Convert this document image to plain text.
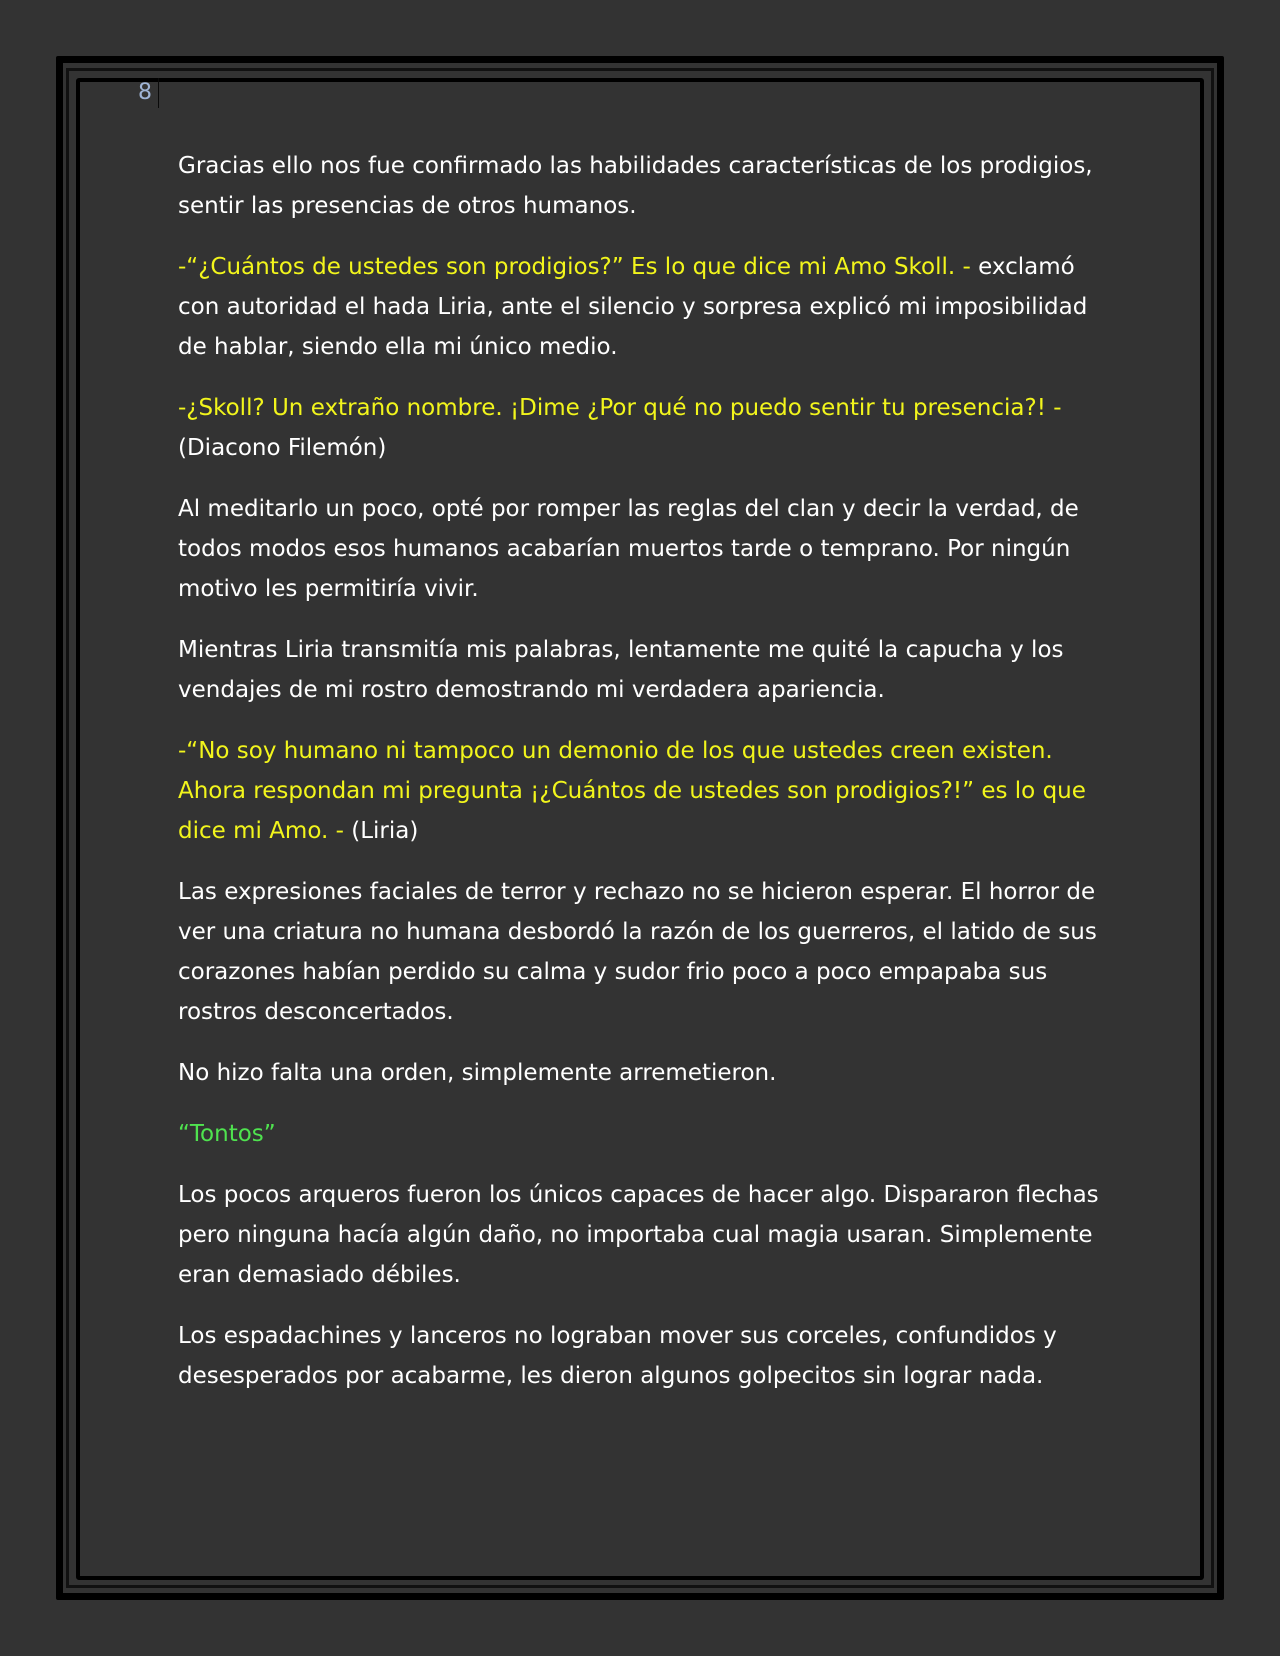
8

Gracias ello nos fue confirmado las habilidades características de los prodigios, sentir las presencias de otros humanos.

-“¿Cuántos de ustedes son prodigios?” Es lo que dice mi Amo Skoll. - exclamó con autoridad el hada Liria, ante el silencio y sorpresa explicó mi imposibilidad de hablar, siendo ella mi único medio.

-¿Skoll? Un extraño nombre. ¡Dime ¿Por qué no puedo sentir tu presencia?! - (Diacono Filemón)

Al meditarlo un poco, opté por romper las reglas del clan y decir la verdad, de todos modos esos humanos acabarían muertos tarde o temprano. Por ningún motivo les permitiría vivir.

Mientras Liria transmitía mis palabras, lentamente me quité la capucha y los vendajes de mi rostro demostrando mi verdadera apariencia.

-“No soy humano ni tampoco un demonio de los que ustedes creen existen. Ahora respondan mi pregunta ¡¿Cuántos de ustedes son prodigios?!” es lo que dice mi Amo. - (Liria)

Las expresiones faciales de terror y rechazo no se hicieron esperar. El horror de ver una criatura no humana desbordó la razón de los guerreros, el latido de sus corazones habían perdido su calma y sudor frio poco a poco empapaba sus rostros desconcertados.

No hizo falta una orden, simplemente arremetieron.

“Tontos”

Los pocos arqueros fueron los únicos capaces de hacer algo. Dispararon flechas pero ninguna hacía algún daño, no importaba cual magia usaran. Simplemente eran demasiado débiles.

Los espadachines y lanceros no lograban mover sus corceles, confundidos y desesperados por acabarme, les dieron algunos golpecitos sin lograr nada.
